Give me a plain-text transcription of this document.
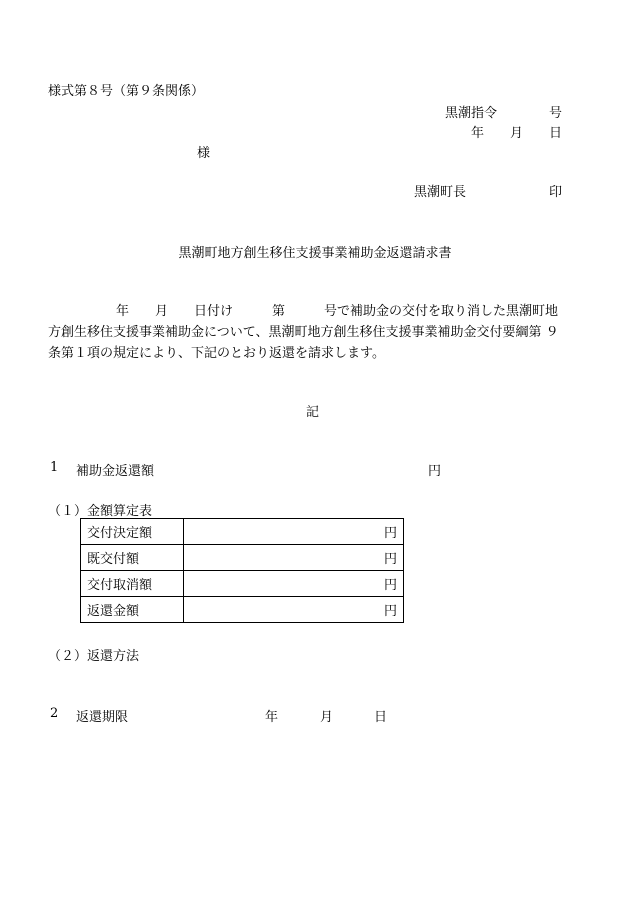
様式第８号（第９条関係）
黒潮指令　　　　号
年　　月　　日
様
黒潮町長	印
黒潮町地方創生移住支援事業補助金返還請求書
年　　月　　日付け　　　第　　　号で補助金の交付を取り消した黒潮町地
方創生移住支援事業補助金について、黒潮町地方創生移住支援事業補助金交付要綱第 ９
条第１項の規定により、下記のとおり返還を請求します。
記
1 補助金返還額	円
（１）金額算定表
交付決定額	円
既交付額	円
交付取消額	円
返還金額	円
（２）返還方法
2 返還期限	年	月	日
